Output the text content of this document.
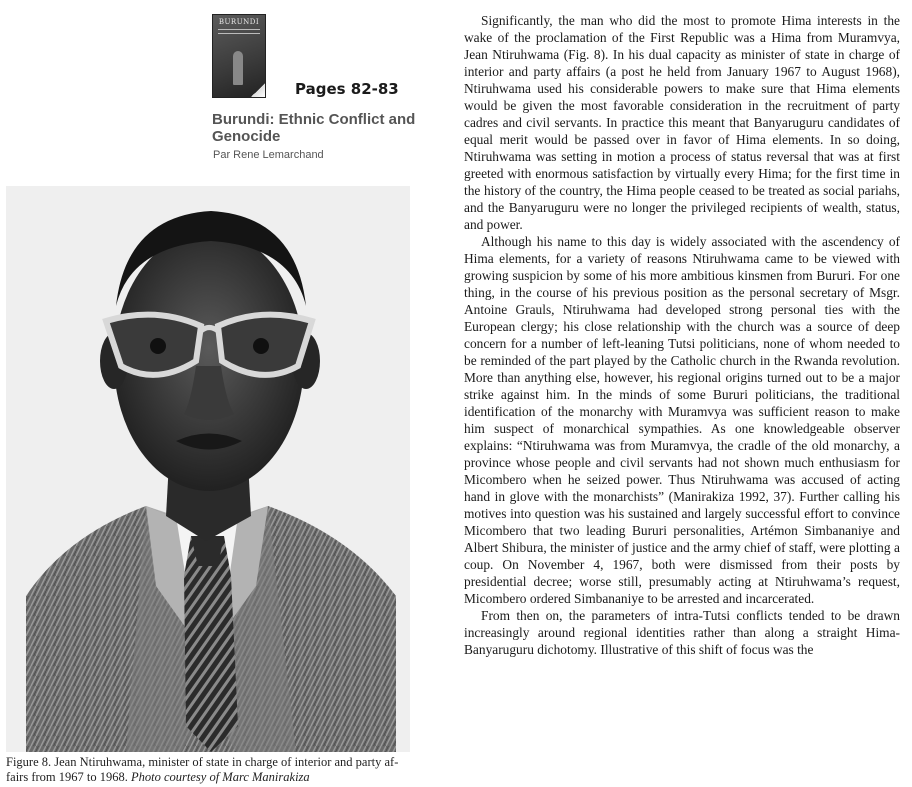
BURUNDI
Pages 82-83
Burundi: Ethnic Conflict and Genocide
Par Rene Lemarchand
Figure 8. Jean Ntiruhwama, minister of state in charge of interior and party af-fairs from 1967 to 1968. Photo courtesy of Marc Manirakiza

Significantly, the man who did the most to promote Hima interests in the wake of the proclamation of the First Republic was a Hima from Muramvya, Jean Ntiruhwama (Fig. 8). In his dual capacity as minister of state in charge of interior and party affairs (a post he held from January 1967 to August 1968), Ntiruhwama used his considerable powers to make sure that Hima elements would be given the most favorable consideration in the recruitment of party cadres and civil servants. In practice this meant that Banyaruguru candidates of equal merit would be passed over in favor of Hima elements. In so doing, Ntiruhwama was setting in motion a process of status reversal that was at first greeted with enormous satisfaction by virtually every Hima; for the first time in the history of the country, the Hima people ceased to be treated as social pariahs, and the Banyaruguru were no longer the privileged recipients of wealth, status, and power.

Although his name to this day is widely associated with the ascendency of Hima elements, for a variety of reasons Ntiruhwama came to be viewed with growing suspicion by some of his more ambitious kinsmen from Bururi. For one thing, in the course of his previous position as the personal secretary of Msgr. Antoine Grauls, Ntiruhwama had developed strong personal ties with the European clergy; his close relationship with the church was a source of deep concern for a number of left-leaning Tutsi politicians, none of whom needed to be reminded of the part played by the Catholic church in the Rwanda revolution. More than anything else, however, his regional origins turned out to be a major strike against him. In the minds of some Bururi politicians, the traditional identification of the monarchy with Muramvya was sufficient reason to make him suspect of monarchical sympathies. As one knowledgeable observer explains: “Ntiruhwama was from Muramvya, the cradle of the old monarchy, a province whose people and civil servants had not shown much enthusiasm for Micombero when he seized power. Thus Ntiruhwama was accused of acting hand in glove with the monarchists” (Manirakiza 1992, 37). Further calling his motives into question was his sustained and largely successful effort to convince Micombero that two leading Bururi personalities, Artémon Simbananiye and Albert Shibura, the minister of justice and the army chief of staff, were plotting a coup. On November 4, 1967, both were dismissed from their posts by presidential decree; worse still, presumably acting at Ntiruhwama’s request, Micombero ordered Simbananiye to be arrested and incarcerated.

From then on, the parameters of intra-Tutsi conflicts tended to be drawn increasingly around regional identities rather than along a straight Hima-Banyaruguru dichotomy. Illustrative of this shift of focus was the
